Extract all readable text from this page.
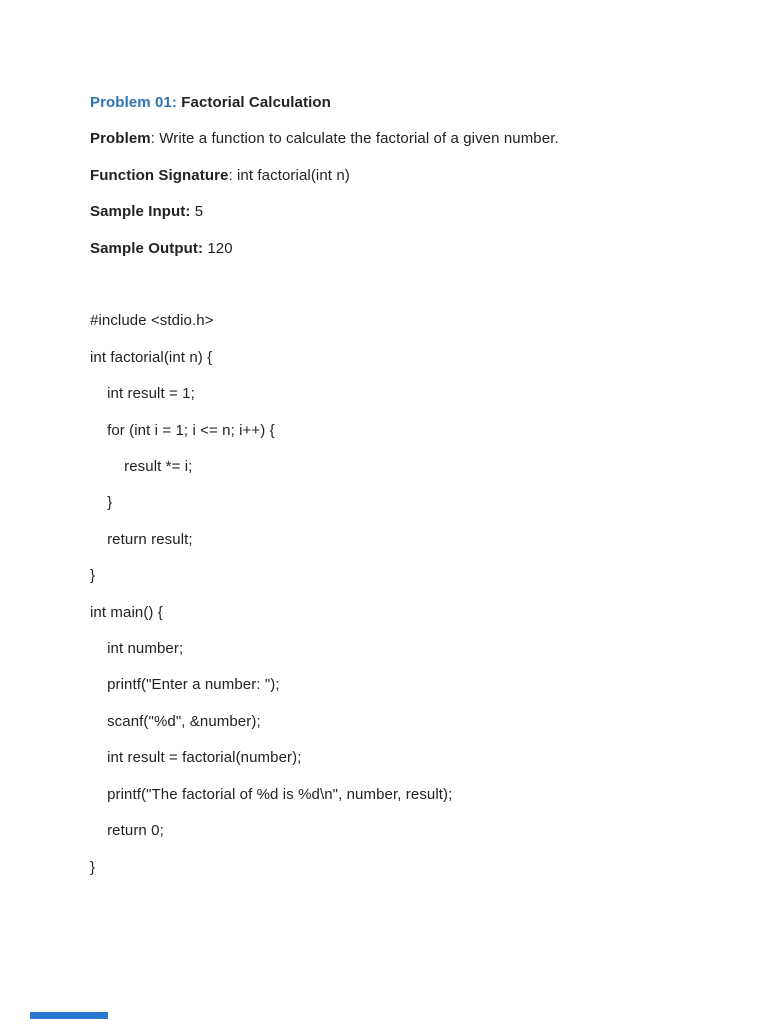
Problem 01: Factorial Calculation

Problem: Write a function to calculate the factorial of a given number.

Function Signature: int factorial(int n)

Sample Input: 5

Sample Output: 120

#include <stdio.h>
int factorial(int n) {
int result = 1;
for (int i = 1; i <= n; i++) {
result *= i;
}
return result;
}
int main() {
int number;
printf("Enter a number: ");
scanf("%d", &number);
int result = factorial(number);
printf("The factorial of %d is %d\n", number, result);
return 0;
}
